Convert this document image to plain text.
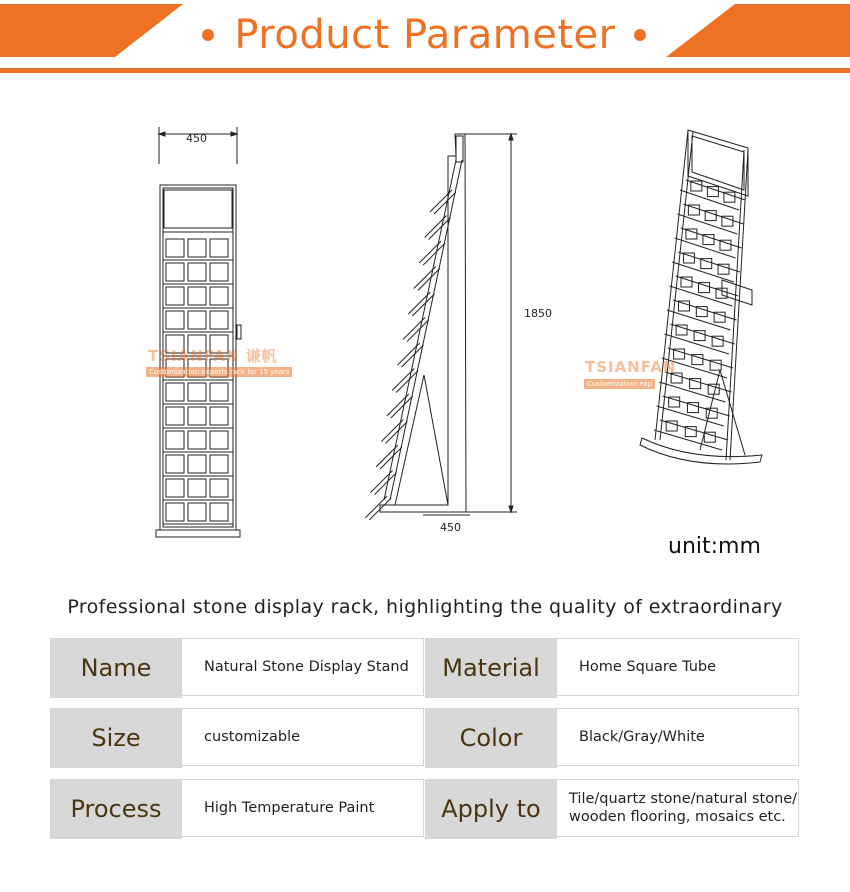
Product Parameter
450
1850
450
TSIANFAN 谦帆
Customization exports rack for 15 years	TSIANFAN
Customization exp
unit:mm
Professional stone display rack, highlighting the quality of extraordinary
Name	Natural Stone Display Stand	Material	Home Square Tube
Size	customizable	Color	Black/Gray/White
Process	High Temperature Paint	Apply to	Tile/quartz stone/natural stone/
wooden flooring, mosaics etc.
